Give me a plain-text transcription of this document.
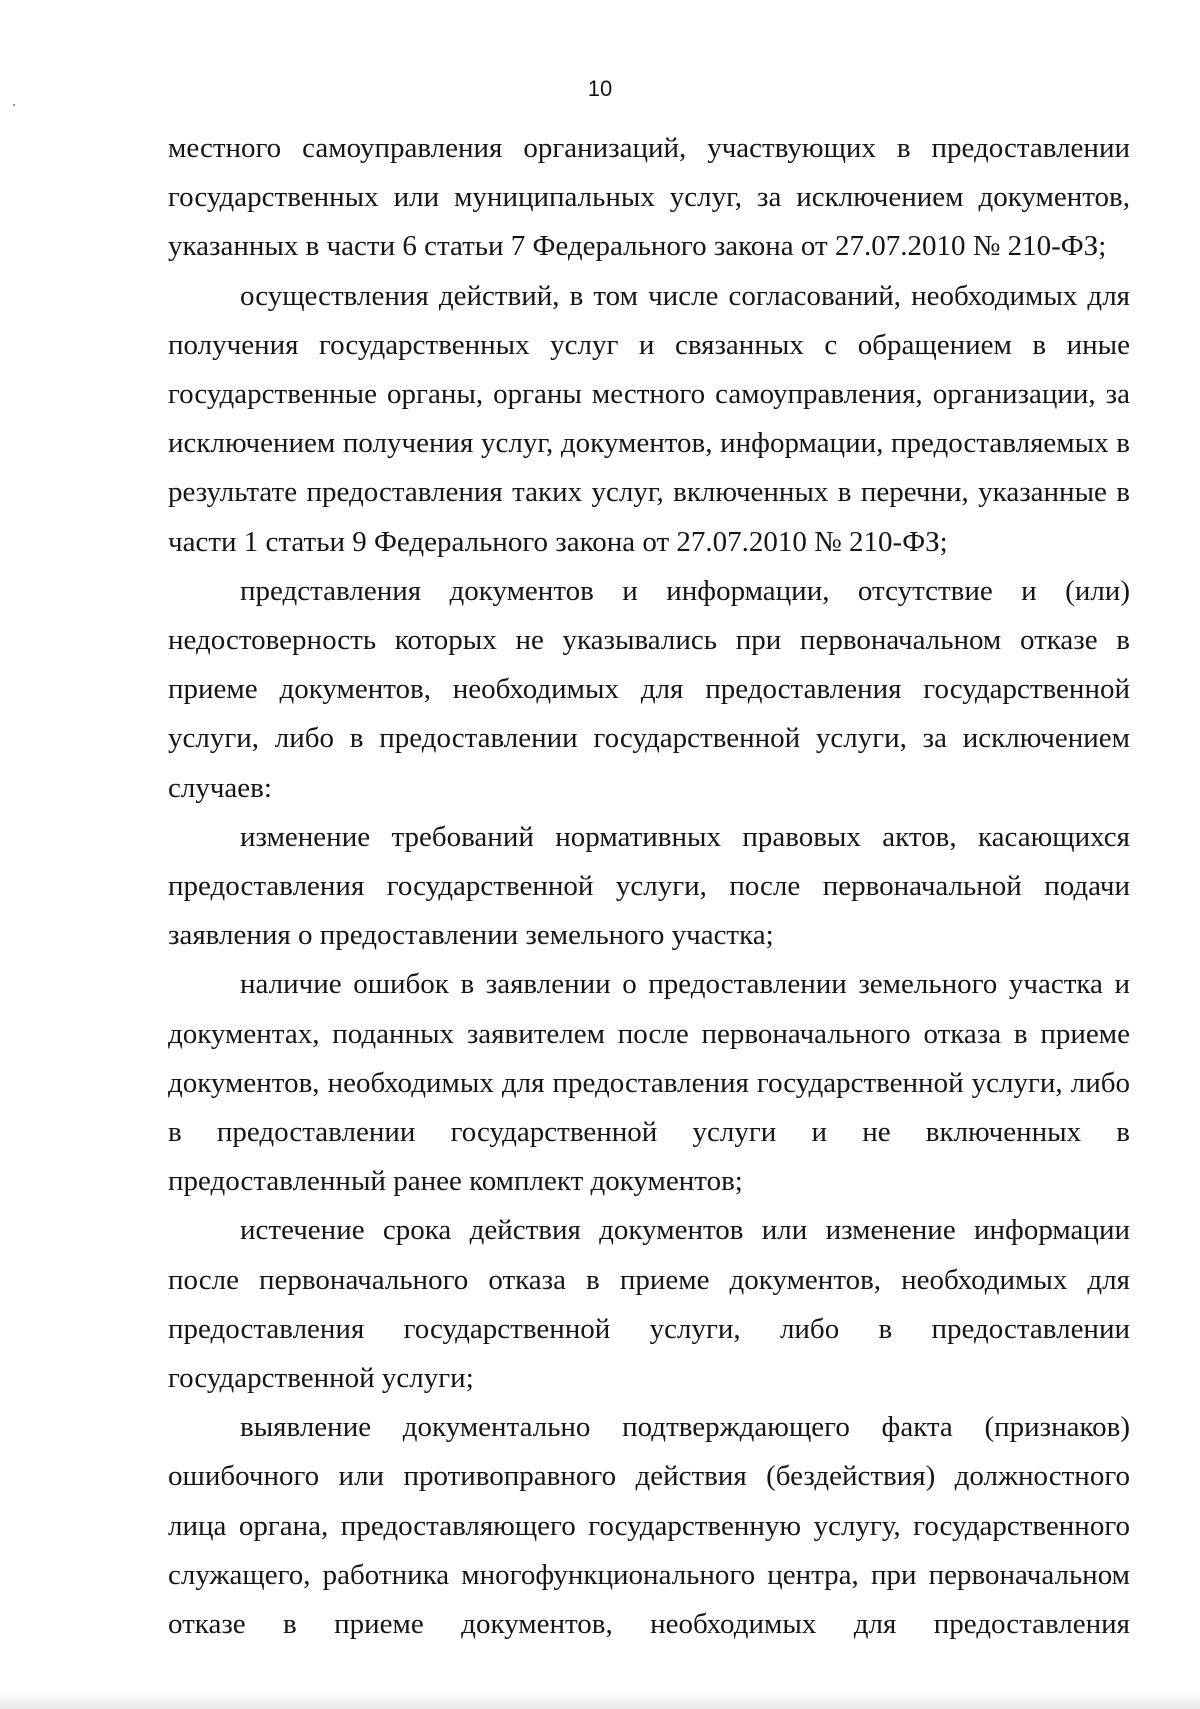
10

местного самоуправления организаций, участвующих в предоставлении государственных или муниципальных услуг, за исключением документов, указанных в части 6 статьи 7 Федерального закона от 27.07.2010 № 210-ФЗ;

осуществления действий, в том числе согласований, необходимых для получения государственных услуг и связанных с обращением в иные государственные органы, органы местного самоуправления, организации, за исключением получения услуг, документов, информации, предоставляемых в результате предоставления таких услуг, включенных в перечни, указанные в части 1 статьи 9 Федерального закона от 27.07.2010 № 210-ФЗ;

представления документов и информации, отсутствие и (или) недостоверность которых не указывались при первоначальном отказе в приеме документов, необходимых для предоставления государственной услуги, либо в предоставлении государственной услуги, за исключением случаев:

изменение требований нормативных правовых актов, касающихся предоставления государственной услуги, после первоначальной подачи заявления о предоставлении земельного участка;

наличие ошибок в заявлении о предоставлении земельного участка и документах, поданных заявителем после первоначального отказа в приеме документов, необходимых для предоставления государственной услуги, либо в предоставлении государственной услуги и не включенных в предоставленный ранее комплект документов;

истечение срока действия документов или изменение информации после первоначального отказа в приеме документов, необходимых для предоставления государственной услуги, либо в предоставлении государственной услуги;

выявление документально подтверждающего факта (признаков) ошибочного или противоправного действия (бездействия) должностного лица органа, предоставляющего государственную услугу, государственного служащего, работника многофункционального центра, при первоначальном отказе в приеме документов, необходимых для предоставления
